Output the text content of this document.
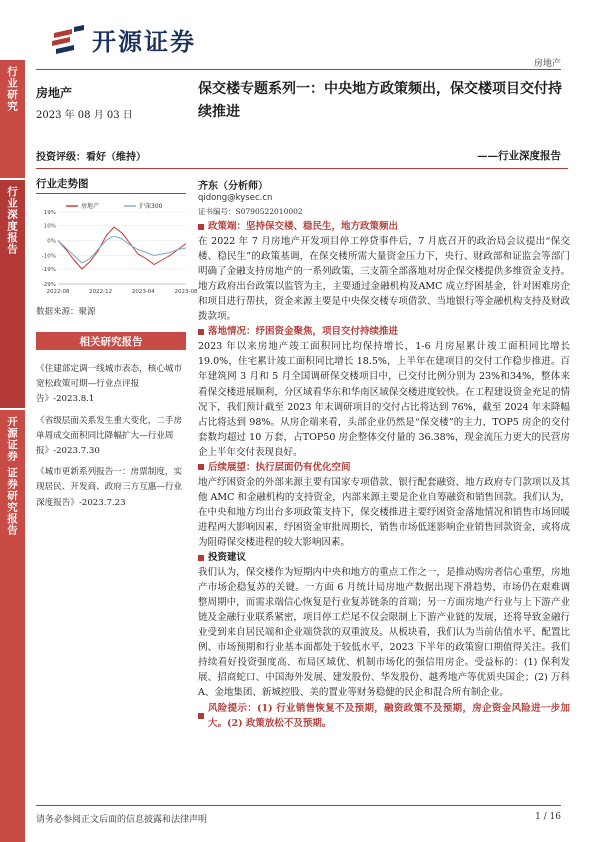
行业研究
行业深度报告
开源证券 证券研究报告
开源证券
房地产
房地产
2023 年 08 月 03 日
投资评级：看好（维持）
保交楼专题系列一：中央地方政策频出，保交楼项目交付持续推进
——行业深度报告
行业走势图
19%
10%
0%
-10%
-19%
-29%
2022-08	2022-12	2023-04	2023-08
房地产	沪深300
数据来源：聚源
相关研究报告
《住建部定调一线城市表态，核心城市宽松政策可期—行业点评报告》-2023.8.1
《省级层面关系发生重大变化，二手房单周成交面积同比降幅扩大—行业周报》-2023.7.30
《城市更新系列报告一：房票制度，实现居民、开发商、政府三方互惠—行业深度报告》-2023.7.23
齐东（分析师）
qidong@kysec.cn
证书编号：S0790522010002
政策端：坚持保交楼、稳民生，地方政策频出

在 2022 年 7 月房地产开发项目停工停贷事件后，7 月底召开的政治局会议提出“保交楼、稳民生”的政策基调，在保交楼所需大量资金压力下，央行、财政部和证监会等部门明确了金融支持房地产的一系列政策，三支箭全部落地对房企保交楼提供多维资金支持。地方政府出台政策以监管为主，主要通过金融机构及AMC 成立纾困基金，针对困难房企和项目进行帮扶，资金来源主要是中央保交楼专项借款、当地银行等金融机构支持及财政拨款项。

落地情况：纾困资金聚焦，项目交付持续推进

2023 年以来房地产竣工面积同比均保持增长，1-6 月房屋累计竣工面积同比增长19.0%，住宅累计竣工面积同比增长 18.5%，上半年在建项目的交付工作稳步推进。百年建筑网 3 月和 5 月全国调研保交楼项目中，已交付比例分别为 23%和34%，整体来看保交楼进展顺利，分区域看华东和华南区域保交楼进度较快。在工程建设资金充足的情况下，我们预计截至 2023 年末调研项目的交付占比将达到 76%，截至 2024 年末降幅占比将达到 98%。从房企端来看，头部企业仍然是“保交楼”的主力，TOP5 房企的交付套数均超过 10 万套，占TOP50 房企整体交付量的 36.38%，现金流压力更大的民营房企上半年交付表现良好。

后续展望：执行层面仍有优化空间

地产纾困资金的外部来源主要有国家专项借款、银行配套融资、地方政府专门款项以及其他 AMC 和金融机构的支持资金，内部来源主要是企业自筹融资和销售回款。我们认为，在中央和地方均出台多项政策支持下，保交楼推进主要纾困资金落地情况和销售市场回暖进程两大影响因素，纾困资金审批周期长，销售市场低迷影响企业销售回款资金，或将成为阻碍保交楼进程的较大影响因素。

投资建议

我们认为，保交楼作为短期内中央和地方的重点工作之一，是推动购房者信心重塑，房地产市场企稳复苏的关键。一方面 6 月统计局房地产数据出现下滑趋势，市场仍在艰难调整周期中，而需求端信心恢复是行业复苏链条的首端；另一方面房地产行业与上下游产业链及金融行业联系紧密，项目停工烂尾不仅会限制上下游产业链的发展，还将导致金融行业受到来自居民端和企业端贷款的双重波及。从板块看，我们认为当前估值水平、配置比例、市场预期和行业基本面都处于较低水平，2023 下半年的政策窗口期值得关注。我们持续看好投资强度高、布局区域优、机制市场化的强信用房企。受益标的：(1) 保利发展、招商蛇口、中国海外发展、建发股份、华发股份、越秀地产等优质央国企；(2) 万科 A、金地集团、新城控股、美的置业等财务稳健的民企和混合所有制企业。

风险提示：(1) 行业销售恢复不及预期，融资政策不及预期，房企资金风险进一步加大。(2) 政策放松不及预期。
请务必参阅正文后面的信息披露和法律声明	1 / 16
